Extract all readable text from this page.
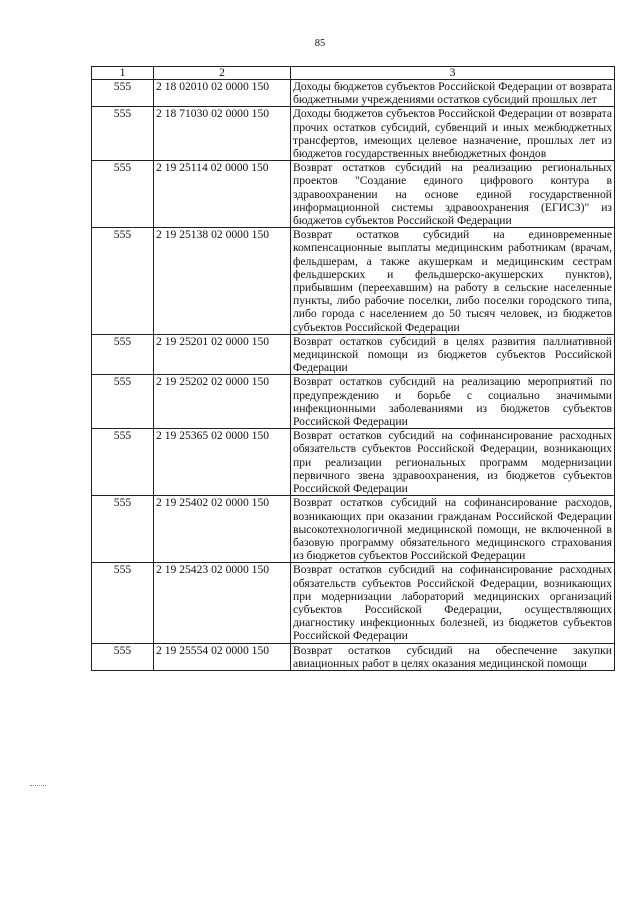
85
1	2	3
555	2 18 02010 02 0000 150	Доходы бюджетов субъектов Российской Федерации от возврата бюджетными учреждениями остатков субсидий прошлых лет
555	2 18 71030 02 0000 150	Доходы бюджетов субъектов Российской Федерации от возврата прочих остатков субсидий, субвенций и иных межбюджетных трансфертов, имеющих целевое назначение, прошлых лет из бюджетов государственных внебюджетных фондов
555	2 19 25114 02 0000 150	Возврат остатков субсидий на реализацию региональных проектов "Создание единого цифрового контура в здравоохранении на основе единой государственной информационной системы здравоохранения (ЕГИСЗ)" из бюджетов субъектов Российской Федерации
555	2 19 25138 02 0000 150	Возврат остатков субсидий на единовременные компенсационные выплаты медицинским работникам (врачам, фельдшерам, а также акушеркам и медицинским сестрам фельдшерских и фельдшерско-акушерских пунктов), прибывшим (переехавшим) на работу в сельские населенные пункты, либо рабочие поселки, либо поселки городского типа, либо города с населением до 50 тысяч человек, из бюджетов субъектов Российской Федерации
555	2 19 25201 02 0000 150	Возврат остатков субсидий в целях развития паллиативной медицинской помощи из бюджетов субъектов Российской Федерации
555	2 19 25202 02 0000 150	Возврат остатков субсидий на реализацию мероприятий по предупреждению и борьбе с социально значимыми инфекционными заболеваниями из бюджетов субъектов Российской Федерации
555	2 19 25365 02 0000 150	Возврат остатков субсидий на софинансирование расходных обязательств субъектов Российской Федерации, возникающих при реализации региональных программ модернизации первичного звена здравоохранения, из бюджетов субъектов Российской Федерации
555	2 19 25402 02 0000 150	Возврат остатков субсидий на софинансирование расходов, возникающих при оказании гражданам Российской Федерации высокотехнологичной медицинской помощи, не включенной в базовую программу обязательного медицинского страхования из бюджетов субъектов Российской Федерации
555	2 19 25423 02 0000 150	Возврат остатков субсидий на софинансирование расходных обязательств субъектов Российской Федерации, возникающих при модернизации лабораторий медицинских организаций субъектов Российской Федерации, осуществляющих диагностику инфекционных болезней, из бюджетов субъектов Российской Федерации
555	2 19 25554 02 0000 150	Возврат остатков субсидий на обеспечение закупки авиационных работ в целях оказания медицинской помощи
